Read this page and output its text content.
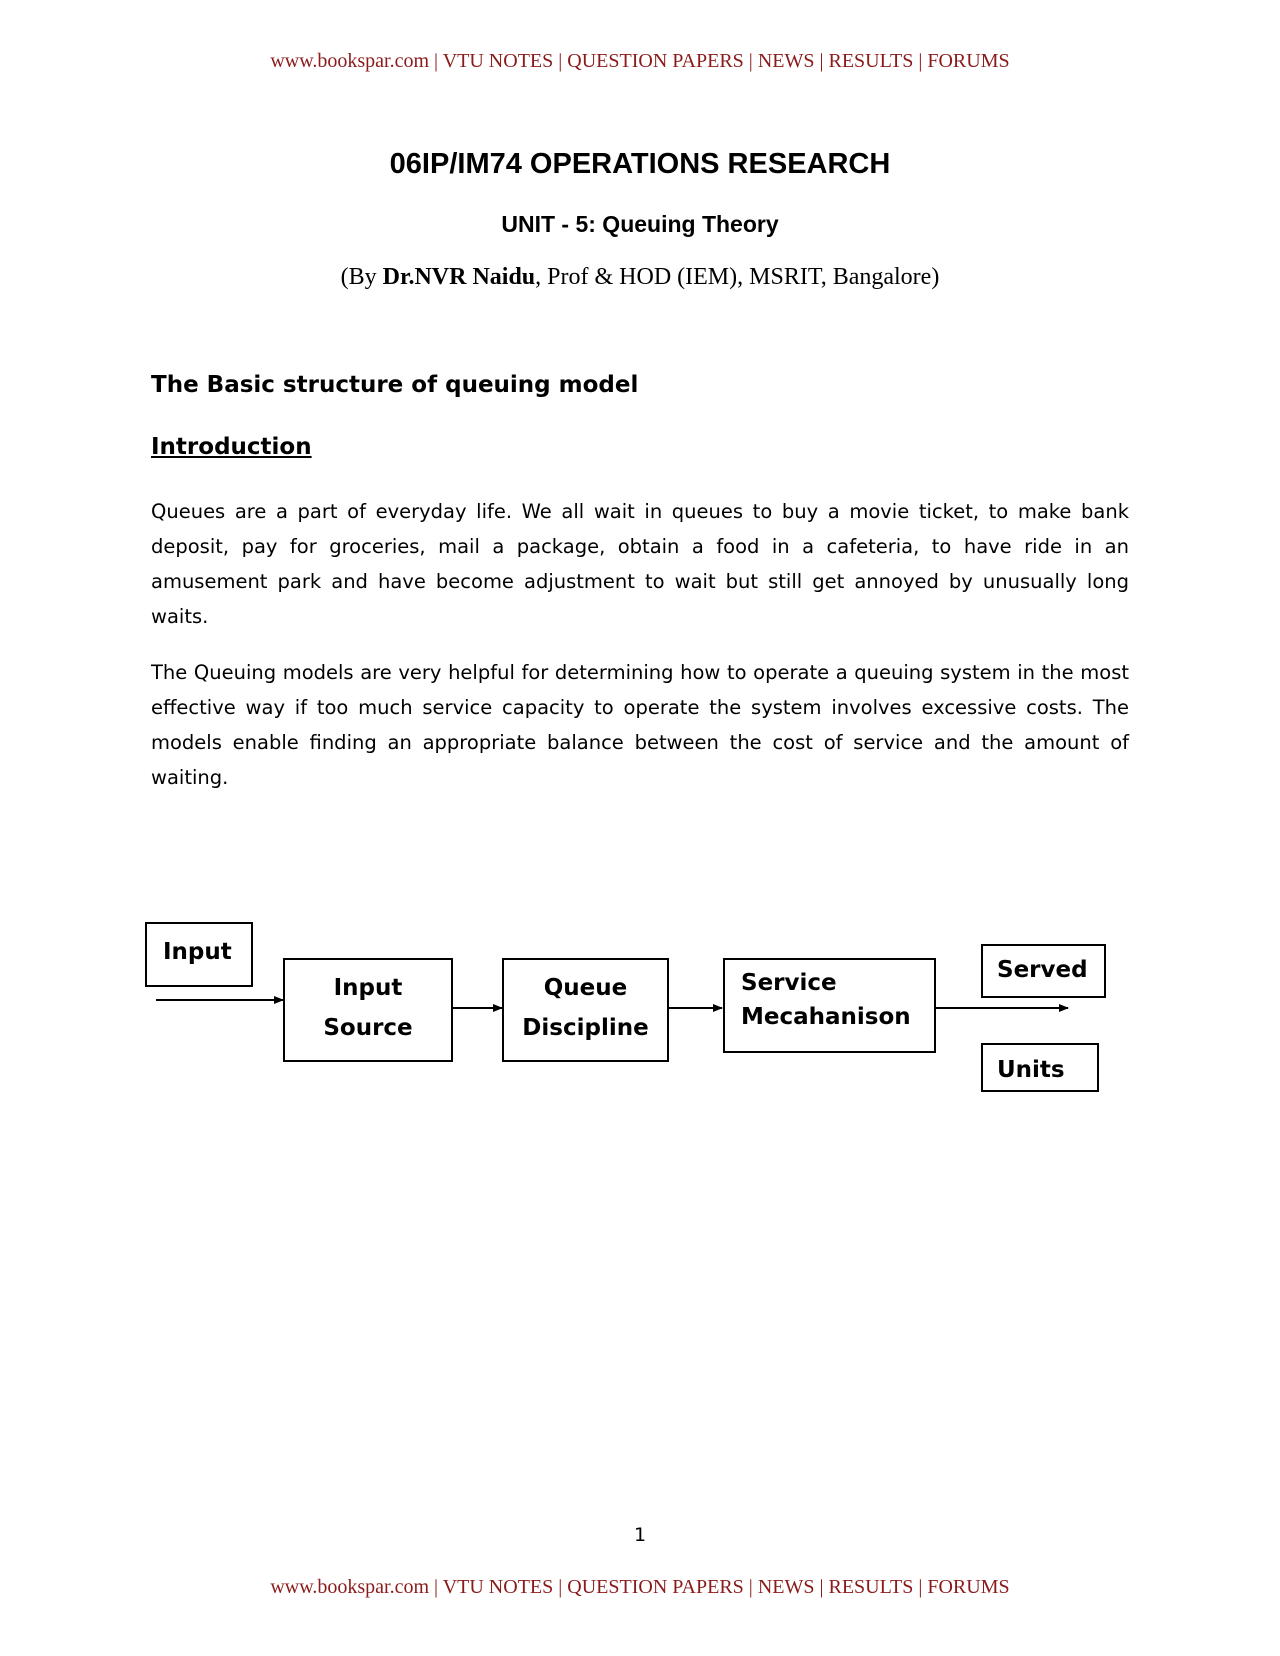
www.bookspar.com | VTU NOTES | QUESTION PAPERS | NEWS | RESULTS | FORUMS
06IP/IM74 OPERATIONS RESEARCH
UNIT - 5: Queuing Theory
(By Dr.NVR Naidu, Prof & HOD (IEM), MSRIT, Bangalore)
The Basic structure of queuing model
Introduction
Queues are a part of everyday life. We all wait in queues to buy a movie ticket, to make bank deposit, pay for groceries, mail a package, obtain a food in a cafeteria, to have ride in an amusement park and have become adjustment to wait but still get annoyed by unusually long waits.
The Queuing models are very helpful for determining how to operate a queuing system in the most effective way if too much service capacity to operate the system involves excessive costs. The models enable finding an appropriate balance between the cost of service and the amount of waiting.
Input
Input
Source
Queue
Discipline
Service
Mecahanison
Served
Units
1
www.bookspar.com | VTU NOTES | QUESTION PAPERS | NEWS | RESULTS | FORUMS
